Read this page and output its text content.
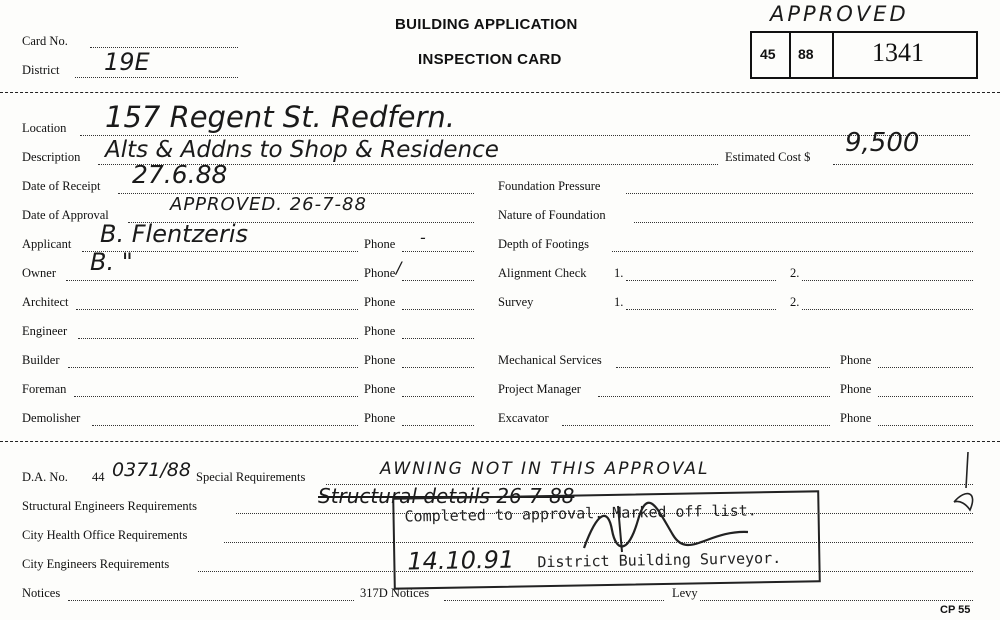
Card No.
District 19E
BUILDING APPLICATION
INSPECTION CARD
APPROVED
45 88 1341
Location 157 Regent St. Redfern.
Description Alts & Addns to Shop & Residence	Estimated Cost $ 9,500
Date of Receipt 27.6.88
Date of Approval	APPROVED. 26-7-88
Applicant B. Flentzeris	Phone -
Owner B. "	Phone /
Architect	Phone
Engineer	Phone
Builder	Phone
Foreman	Phone
Demolisher	Phone
Foundation Pressure
Nature of Foundation
Depth of Footings
Alignment Check 1.	2.
Survey	1.	2.
Mechanical Services	Phone
Project Manager	Phone
Excavator	Phone
D.A. No. 44 0371/88 Special Requirements	AWNING NOT IN THIS APPROVAL
Structural Engineers Requirements	Structural details 26-7-88
City Health Office Requirements
City Engineers Requirements
Notices	317D Notices	Levy
CP 55
Completed to approval. Marked off list.
14.10.91 District Building Surveyor.
